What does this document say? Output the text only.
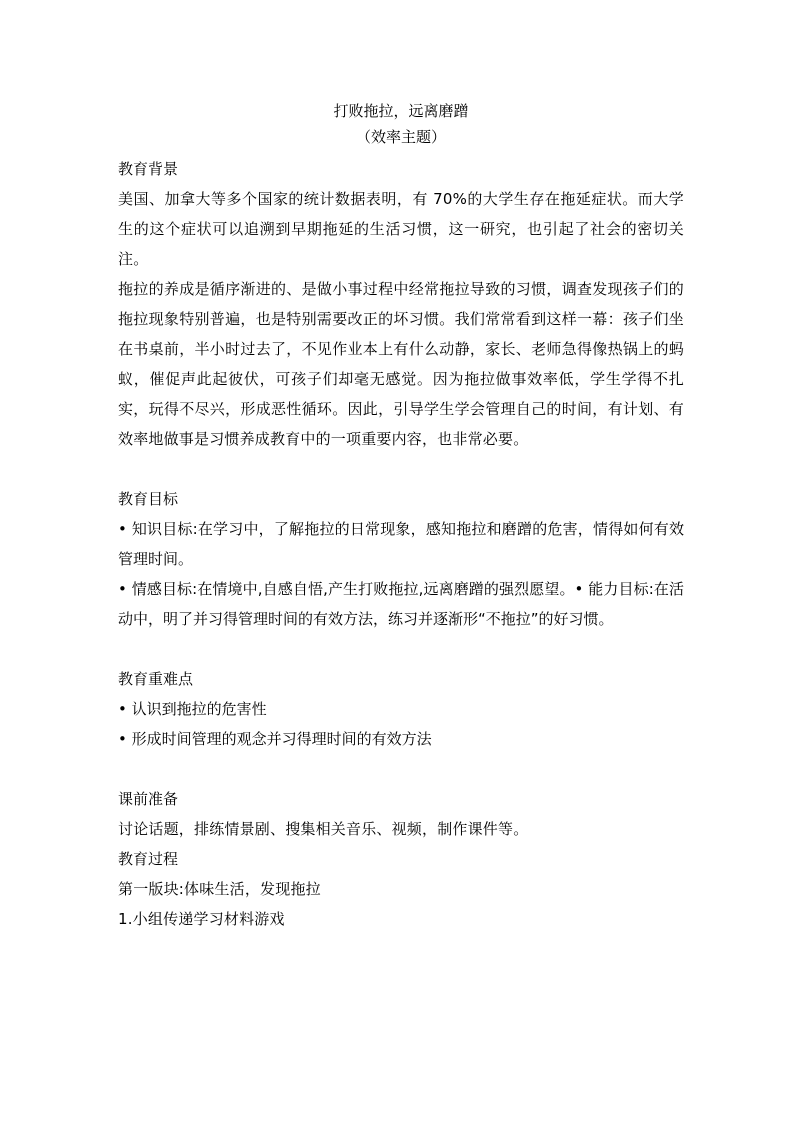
打败拖拉，远离磨蹭
（效率主题）
教育背景

美国、加拿大等多个国家的统计数据表明，有 70%的大学生存在拖延症状。而大学生的这个症状可以追溯到早期拖延的生活习惯，这一研究，也引起了社会的密切关注。

拖拉的养成是循序渐进的、是做小事过程中经常拖拉导致的习惯，调查发现孩子们的拖拉现象特别普遍，也是特别需要改正的坏习惯。我们常常看到这样一幕：孩子们坐在书桌前，半小时过去了，不见作业本上有什么动静，家长、老师急得像热锅上的蚂蚁，催促声此起彼伏，可孩子们却毫无感觉。因为拖拉做事效率低，学生学得不扎实，玩得不尽兴，形成恶性循环。因此，引导学生学会管理自己的时间，有计划、有效率地做事是习惯养成教育中的一项重要内容，也非常必要。

教育目标

• 知识目标:在学习中，了解拖拉的日常现象，感知拖拉和磨蹭的危害，情得如何有效管理时间。

• 情感目标:在情境中,自感自悟,产生打败拖拉,远离磨蹭的强烈愿望。• 能力目标:在活动中，明了并习得管理时间的有效方法，练习并逐渐形“不拖拉”的好习惯。

教育重难点

• 认识到拖拉的危害性

• 形成时间管理的观念并习得理时间的有效方法

课前准备

讨论话题，排练情景剧、搜集相关音乐、视频，制作课件等。

教育过程

第一版块:体味生活，发现拖拉

1.小组传递学习材料游戏
